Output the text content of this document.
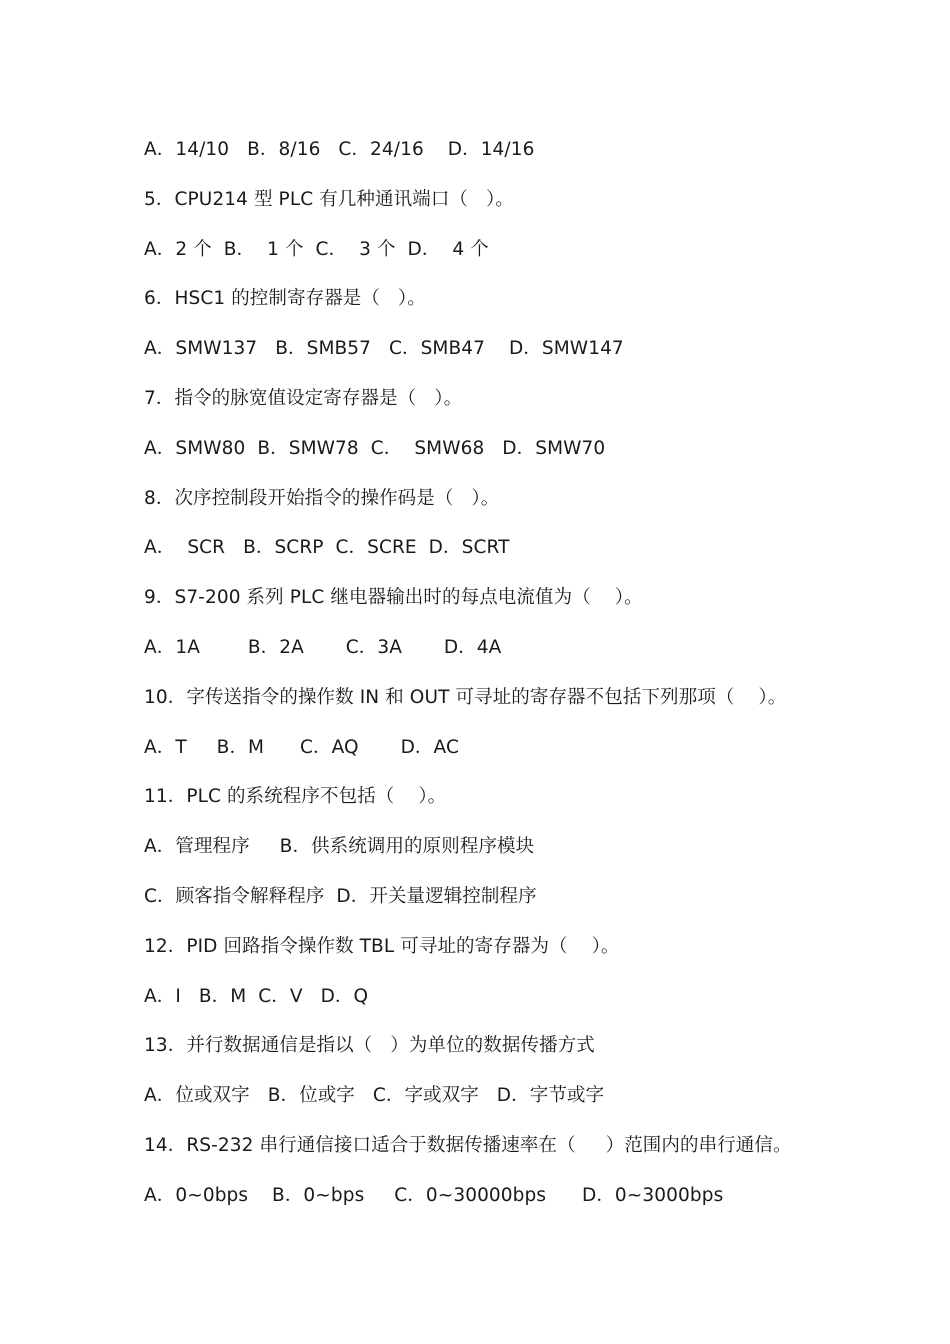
A．14/10   B．8/16   C．24/16    D．14/16
5．CPU214 型 PLC 有几种通讯端口（   ）。
A．2 个  B．  1 个  C．  3 个  D．  4 个
6．HSC1 的控制寄存器是（   ）。
A．SMW137   B．SMB57   C．SMB47    D．SMW147
7．指令的脉宽值设定寄存器是（   ）。
A．SMW80  B．SMW78  C．  SMW68   D．SMW70
8．次序控制段开始指令的操作码是（   ）。
A．  SCR   B．SCRP  C．SCRE  D．SCRT
9．S7-200 系列 PLC 继电器输出时的每点电流值为（    ）。
A．1A        B．2A       C．3A       D．4A
10．字传送指令的操作数 IN 和 OUT 可寻址的寄存器不包括下列那项（    ）。
A．T     B．M      C．AQ       D．AC
11．PLC 的系统程序不包括（    ）。
A．管理程序     B．供系统调用的原则程序模块
C．顾客指令解释程序  D．开关量逻辑控制程序
12．PID 回路指令操作数 TBL 可寻址的寄存器为（    ）。
A．I   B．M  C．V   D．Q
13．并行数据通信是指以（   ）为单位的数据传播方式
A．位或双字   B．位或字   C．字或双字   D．字节或字
14．RS-232 串行通信接口适合于数据传播速率在（     ）范围内的串行通信。
A．0~0bps    B．0~bps     C．0~30000bps      D．0~3000bps
